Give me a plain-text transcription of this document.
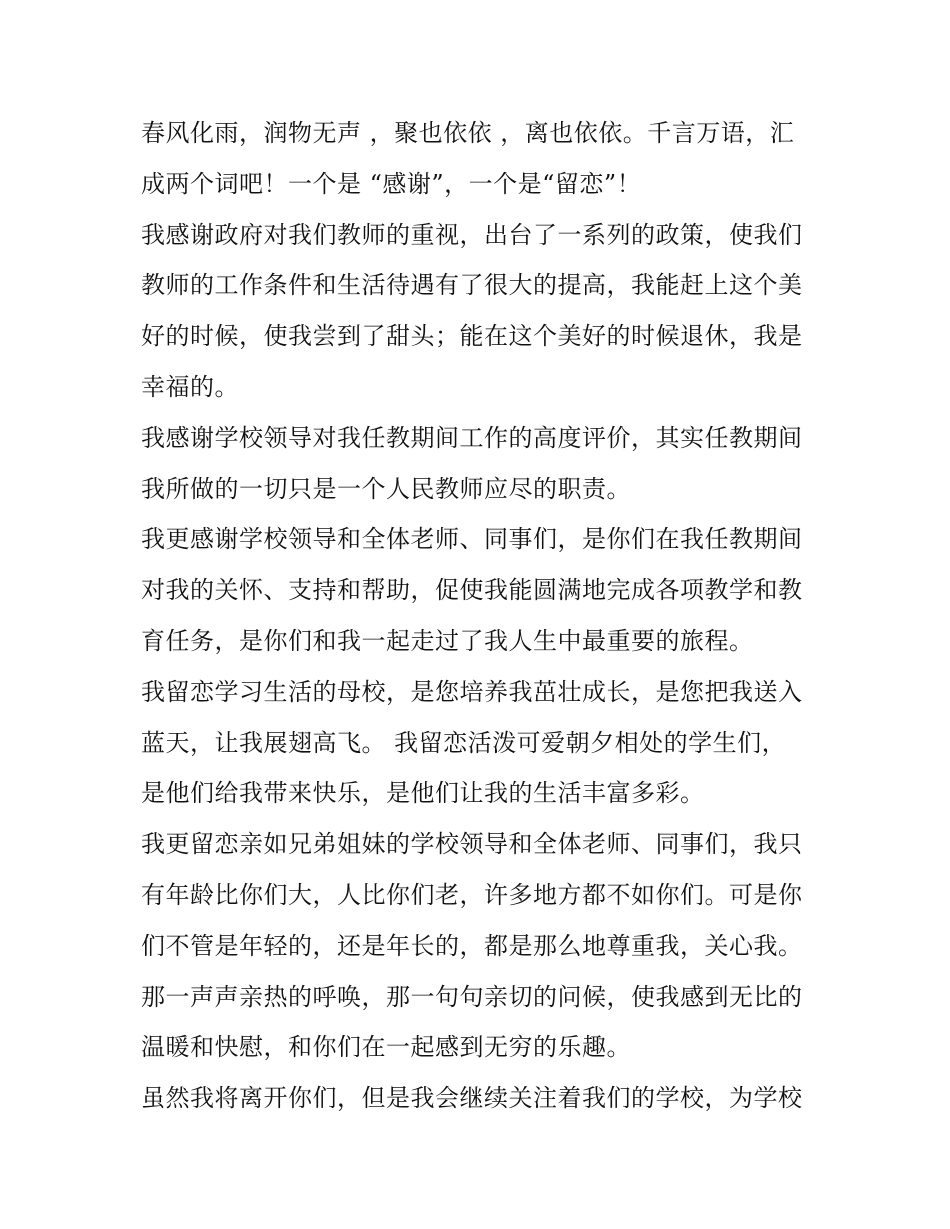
春风化雨，润物无声 ，聚也依依 ，离也依依。千言万语，汇
成两个词吧！一个是 “感谢”，一个是“留恋”！
我感谢政府对我们教师的重视，出台了一系列的政策，使我们
教师的工作条件和生活待遇有了很大的提高，我能赶上这个美
好的时候，使我尝到了甜头；能在这个美好的时候退休，我是
幸福的。
我感谢学校领导对我任教期间工作的高度评价，其实任教期间
我所做的一切只是一个人民教师应尽的职责。
我更感谢学校领导和全体老师、同事们，是你们在我任教期间
对我的关怀、支持和帮助，促使我能圆满地完成各项教学和教
育任务，是你们和我一起走过了我人生中最重要的旅程。
我留恋学习生活的母校，是您培养我茁壮成长，是您把我送入
蓝天，让我展翅高飞。 我留恋活泼可爱朝夕相处的学生们，
是他们给我带来快乐，是他们让我的生活丰富多彩。
我更留恋亲如兄弟姐妹的学校领导和全体老师、同事们，我只
有年龄比你们大，人比你们老，许多地方都不如你们。可是你
们不管是年轻的，还是年长的，都是那么地尊重我，关心我。
那一声声亲热的呼唤，那一句句亲切的问候，使我感到无比的
温暖和快慰，和你们在一起感到无穷的乐趣。
虽然我将离开你们，但是我会继续关注着我们的学校，为学校
